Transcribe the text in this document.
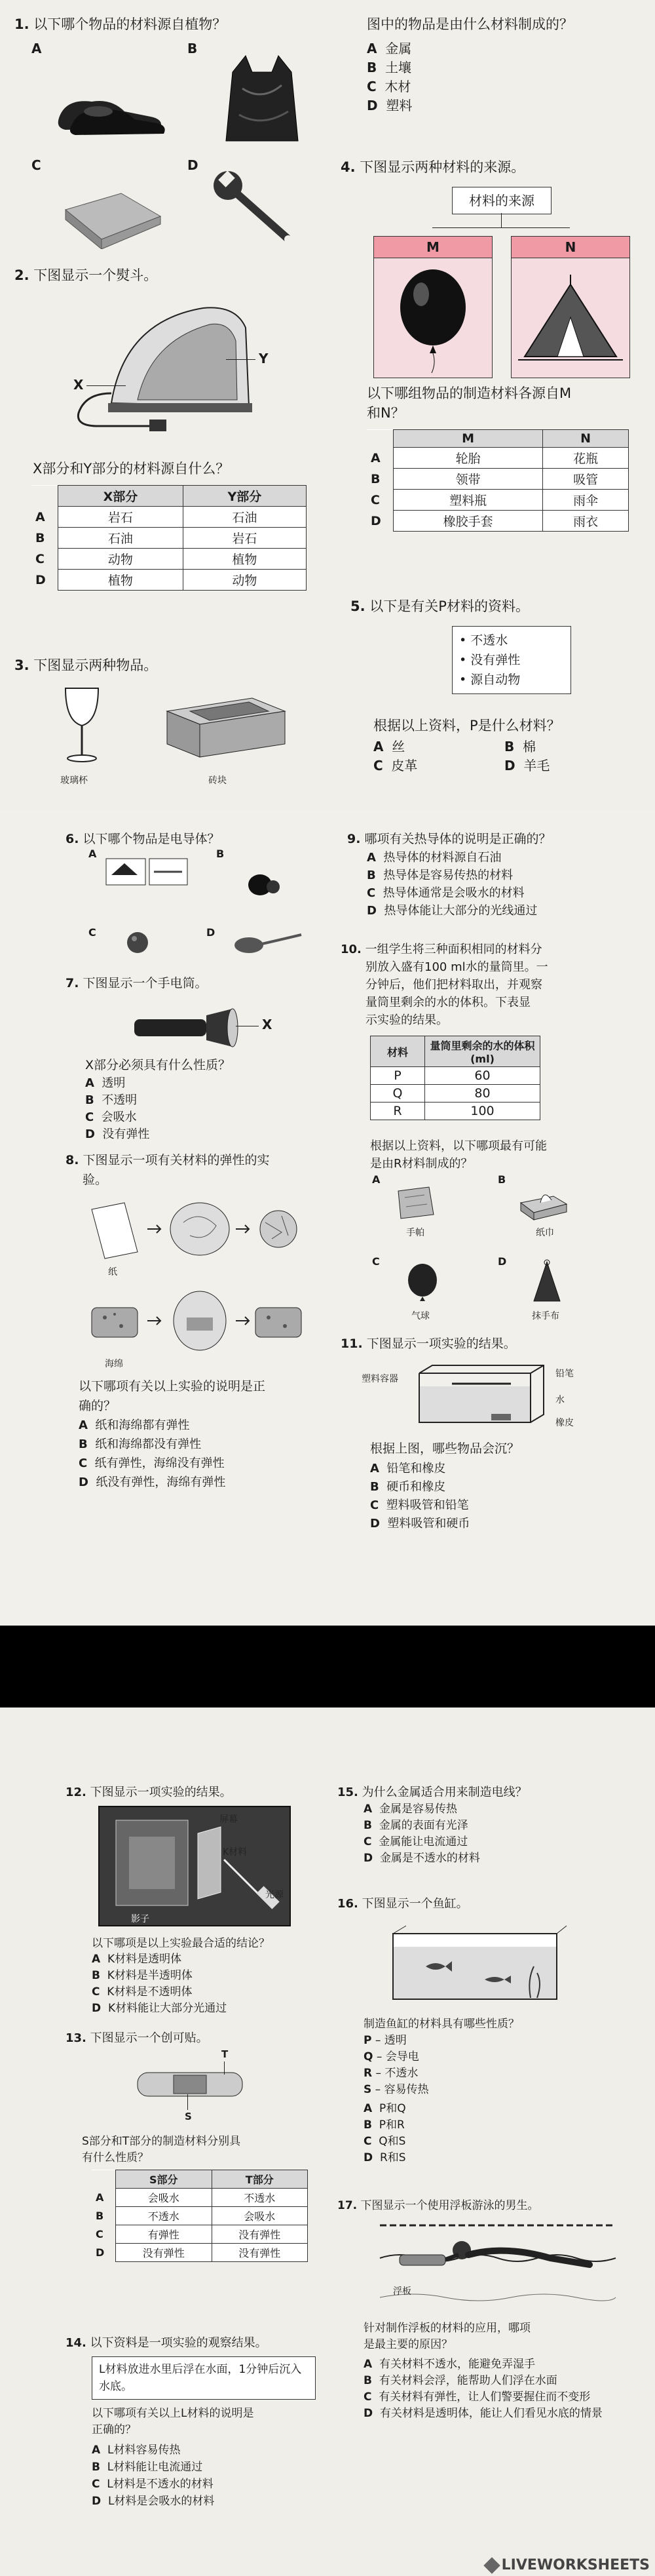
1. 以下哪个物品的材料源自植物？
A	B
C	D
2. 下图显示一个熨斗。
X
Y
X部分和Y部分的材料源自什么？
	X部分	Y部分
A	岩石	石油
B	石油	岩石
C	动物	植物
D	植物	动物
3. 下图显示两种物品。
玻璃杯	砖块
图中的物品是由什么材料制成的？
A 金属
B 土壤
C 木材
D 塑料
4. 下图显示两种材料的来源。
材料的来源
M	N
以下哪组物品的制造材料各源自M
和N？
	M	N
A	轮胎	花瓶
B	领带	吸管
C	塑料瓶	雨伞
D	橡胶手套	雨衣
5. 以下是有关P材料的资料。
• 不透水
• 没有弹性
• 源自动物
根据以上资料，P是什么材料？
A 丝	B 棉
C 皮革	D 羊毛
6. 以下哪个物品是电导体？
A	B
C	D
7. 下图显示一个手电筒。
X
X部分必须具有什么性质？
A 透明
B 不透明
C 会吸水
D 没有弹性
8. 下图显示一项有关材料的弹性的实
验。
纸
海绵
以下哪项有关以上实验的说明是正
确的？
A 纸和海绵都有弹性
B 纸和海绵都没有弹性
C 纸有弹性，海绵没有弹性
D 纸没有弹性，海绵有弹性
9. 哪项有关热导体的说明是正确的？
A 热导体的材料源自石油
B 热导体是容易传热的材料
C 热导体通常是会吸水的材料
D 热导体能让大部分的光线通过
10. 一组学生将三种面积相同的材料分
别放入盛有100 ml水的量筒里。一
分钟后，他们把材料取出，并观察
量筒里剩余的水的体积。下表显
示实验的结果。
材料	量筒里剩余的水的体积 (ml)
P	60
Q	80
R	100
根据以上资料，以下哪项最有可能
是由R材料制成的？
A
手帕
B
纸巾
C
气球
D
抹手布
11. 下图显示一项实验的结果。
塑料容器	铅笔
水
橡皮
根据上图，哪些物品会沉？
A 铅笔和橡皮
B 硬币和橡皮
C 塑料吸管和铅笔
D 塑料吸管和硬币
12. 下图显示一项实验的结果。
屏幕
K材料
光源
影子
以下哪项是以上实验最合适的结论？
A K材料是透明体
B K材料是半透明体
C K材料是不透明体
D K材料能让大部分光通过
13. 下图显示一个创可贴。
T
S
S部分和T部分的制造材料分别具
有什么性质？
	S部分	T部分
A	会吸水	不透水
B	不透水	会吸水
C	有弹性	没有弹性
D	没有弹性	没有弹性
14. 以下资料是一项实验的观察结果。
L材料放进水里后浮在水面，1分钟后沉入水底。
以下哪项有关以上L材料的说明是
正确的？
A L材料容易传热
B L材料能让电流通过
C L材料是不透水的材料
D L材料是会吸水的材料
15. 为什么金属适合用来制造电线？
A 金属是容易传热
B 金属的表面有光泽
C 金属能让电流通过
D 金属是不透水的材料
16. 下图显示一个鱼缸。
制造鱼缸的材料具有哪些性质？
P – 透明
Q – 会导电
R – 不透水
S – 容易传热
A P和Q
B P和R
C Q和S
D R和S
17. 下图显示一个使用浮板游泳的男生。
浮板
针对制作浮板的材料的应用，哪项
是最主要的原因？
A 有关材料不透水，能避免弄湿手
B 有关材料会浮，能帮助人们浮在水面
C 有关材料有弹性，让人们警要握住而不变形
D 有关材料是透明体，能让人们看见水底的情景
LIVEWORKSHEETS
